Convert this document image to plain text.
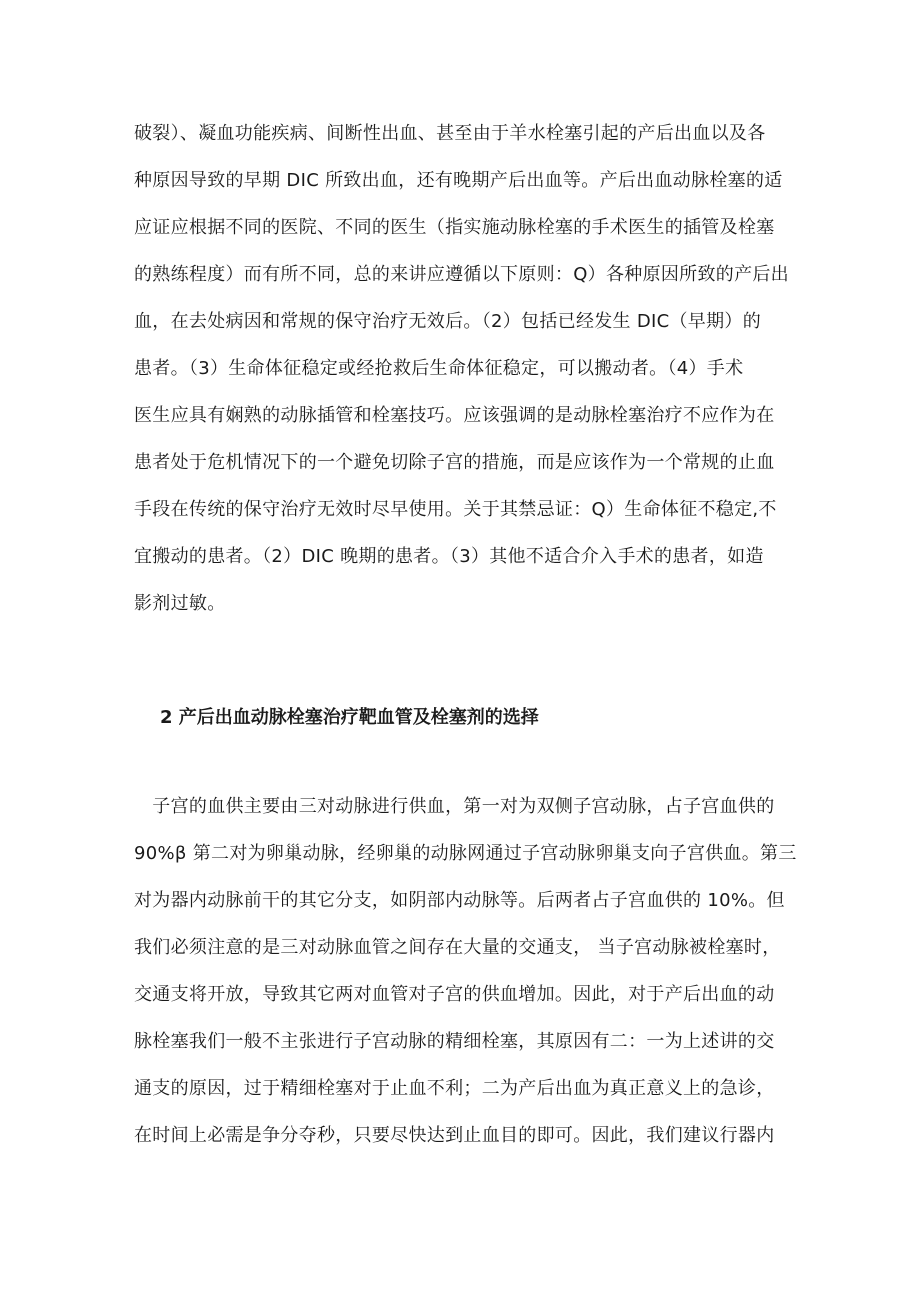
破裂）、凝血功能疾病、间断性出血、甚至由于羊水栓塞引起的产后出血以及各
种原因导致的早期 DIC 所致出血，还有晚期产后出血等。产后出血动脉栓塞的适
应证应根据不同的医院、不同的医生（指实施动脉栓塞的手术医生的插管及栓塞
的熟练程度）而有所不同，总的来讲应遵循以下原则：Q）各种原因所致的产后出
血，在去处病因和常规的保守治疗无效后。（2）包括已经发生 DIC（早期）的
患者。（3）生命体征稳定或经抢救后生命体征稳定，可以搬动者。（4）手术
医生应具有娴熟的动脉插管和栓塞技巧。应该强调的是动脉栓塞治疗不应作为在
患者处于危机情况下的一个避免切除子宫的措施，而是应该作为一个常规的止血
手段在传统的保守治疗无效时尽早使用。关于其禁忌证：Q）生命体征不稳定,不
宜搬动的患者。（2）DIC 晚期的患者。（3）其他不适合介入手术的患者，如造
影剂过敏。
2 产后出血动脉栓塞治疗靶血管及栓塞剂的选择
　子宫的血供主要由三对动脉进行供血，第一对为双侧子宫动脉，占子宫血供的
90%β 第二对为卵巢动脉，经卵巢的动脉网通过子宫动脉卵巢支向子宫供血。第三
对为器内动脉前干的其它分支，如阴部内动脉等。后两者占子宫血供的 10%。但
我们必须注意的是三对动脉血管之间存在大量的交通支， 当子宫动脉被栓塞时，
交通支将开放，导致其它两对血管对子宫的供血增加。因此，对于产后出血的动
脉栓塞我们一般不主张进行子宫动脉的精细栓塞，其原因有二：一为上述讲的交
通支的原因，过于精细栓塞对于止血不利；二为产后出血为真正意义上的急诊，
在时间上必需是争分夺秒，只要尽快达到止血目的即可。因此，我们建议行器内
